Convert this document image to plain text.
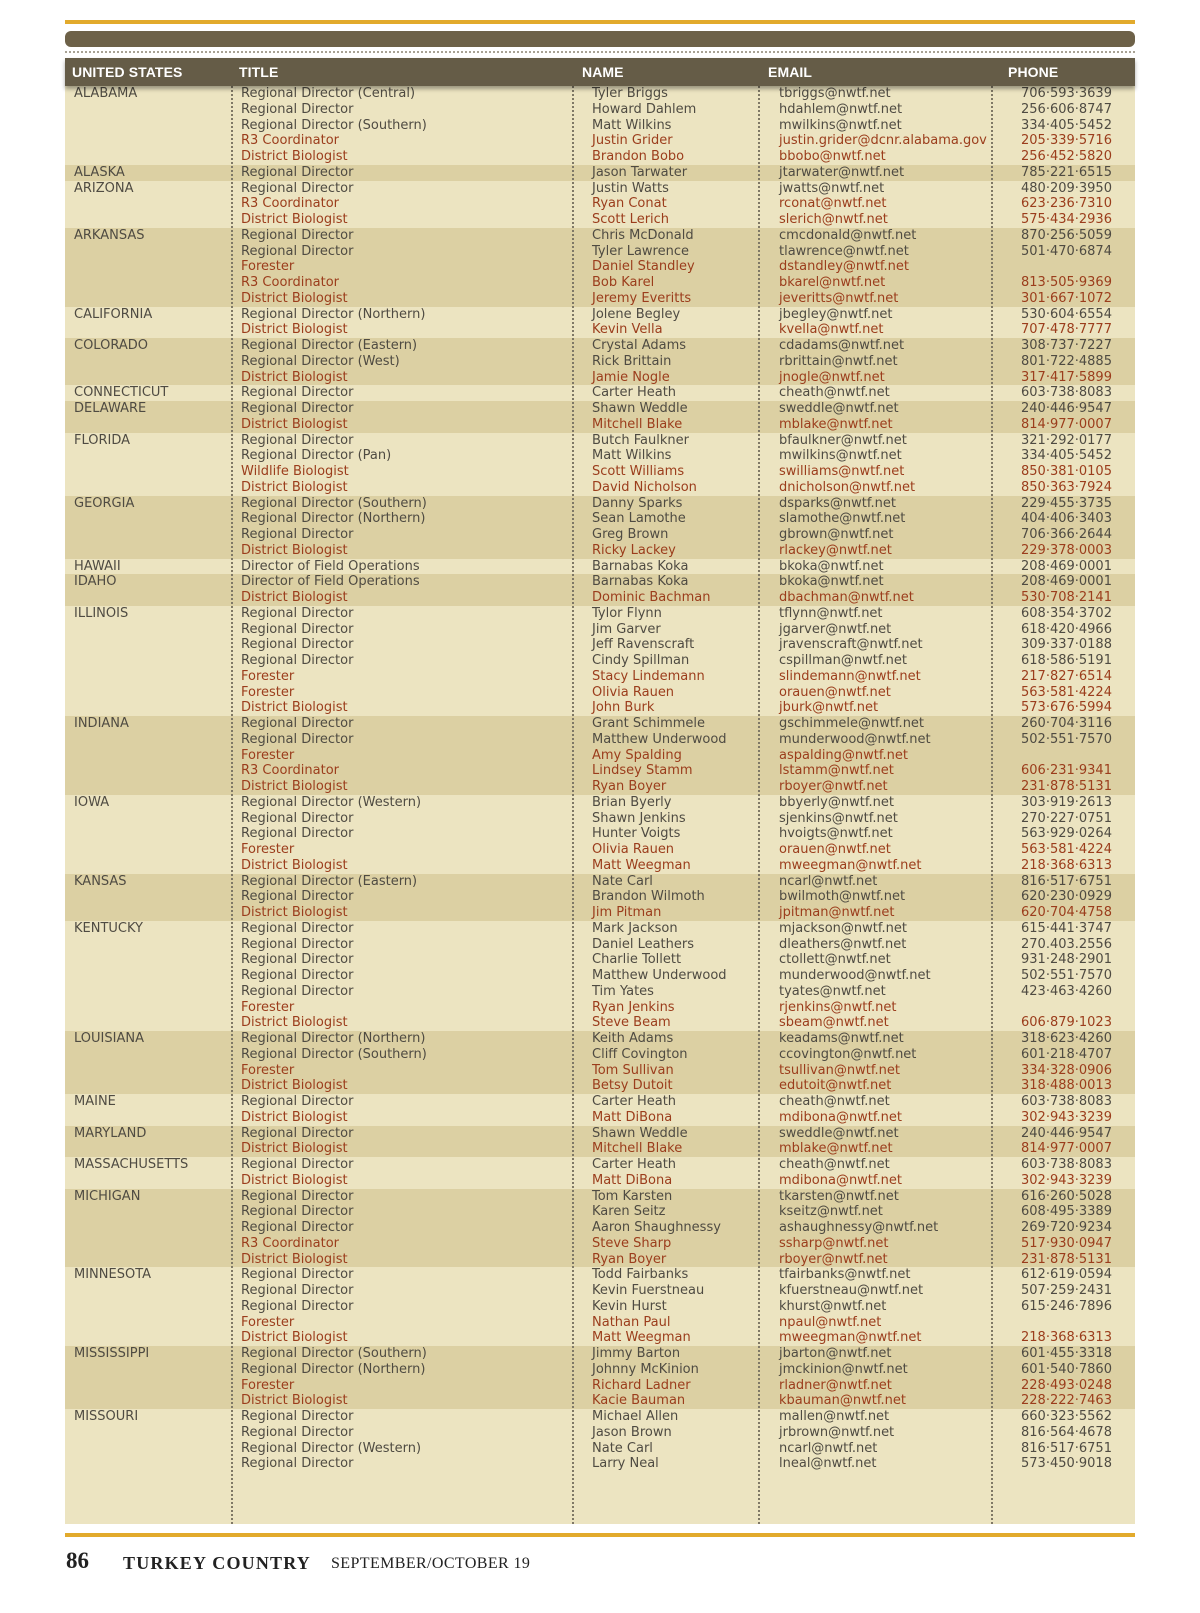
UNITED STATES	TITLE	NAME	EMAIL	PHONE
ALABAMA	Regional Director (Central)	Tyler Briggs	tbriggs@nwtf.net	706·593·3639
Regional Director	Howard Dahlem	hdahlem@nwtf.net	256·606·8747
Regional Director (Southern)	Matt Wilkins	mwilkins@nwtf.net	334·405·5452
R3 Coordinator	Justin Grider	justin.grider@dcnr.alabama.gov	205·339·5716
District Biologist	Brandon Bobo	bbobo@nwtf.net	256·452·5820
ALASKA	Regional Director	Jason Tarwater	jtarwater@nwtf.net	785·221·6515
ARIZONA	Regional Director	Justin Watts	jwatts@nwtf.net	480·209·3950
R3 Coordinator	Ryan Conat	rconat@nwtf.net	623·236·7310
District Biologist	Scott Lerich	slerich@nwtf.net	575·434·2936
ARKANSAS	Regional Director	Chris McDonald	cmcdonald@nwtf.net	870·256·5059
Regional Director	Tyler Lawrence	tlawrence@nwtf.net	501·470·6874
Forester	Daniel Standley	dstandley@nwtf.net
R3 Coordinator	Bob Karel	bkarel@nwtf.net	813·505·9369
District Biologist	Jeremy Everitts	jeveritts@nwtf.net	301·667·1072
CALIFORNIA	Regional Director (Northern)	Jolene Begley	jbegley@nwtf.net	530·604·6554
District Biologist	Kevin Vella	kvella@nwtf.net	707·478·7777
COLORADO	Regional Director (Eastern)	Crystal Adams	cdadams@nwtf.net	308·737·7227
Regional Director (West)	Rick Brittain	rbrittain@nwtf.net	801·722·4885
District Biologist	Jamie Nogle	jnogle@nwtf.net	317·417·5899
CONNECTICUT	Regional Director	Carter Heath	cheath@nwtf.net	603·738·8083
DELAWARE	Regional Director	Shawn Weddle	sweddle@nwtf.net	240·446·9547
District Biologist	Mitchell Blake	mblake@nwtf.net	814·977·0007
FLORIDA	Regional Director	Butch Faulkner	bfaulkner@nwtf.net	321·292·0177
Regional Director (Pan)	Matt Wilkins	mwilkins@nwtf.net	334·405·5452
Wildlife Biologist	Scott Williams	swilliams@nwtf.net	850·381·0105
District Biologist	David Nicholson	dnicholson@nwtf.net	850·363·7924
GEORGIA	Regional Director (Southern)	Danny Sparks	dsparks@nwtf.net	229·455·3735
Regional Director (Northern)	Sean Lamothe	slamothe@nwtf.net	404·406·3403
Regional Director	Greg Brown	gbrown@nwtf.net	706·366·2644
District Biologist	Ricky Lackey	rlackey@nwtf.net	229·378·0003
HAWAII	Director of Field Operations	Barnabas Koka	bkoka@nwtf.net	208·469·0001
IDAHO	Director of Field Operations	Barnabas Koka	bkoka@nwtf.net	208·469·0001
District Biologist	Dominic Bachman	dbachman@nwtf.net	530·708·2141
ILLINOIS	Regional Director	Tylor Flynn	tflynn@nwtf.net	608·354·3702
Regional Director	Jim Garver	jgarver@nwtf.net	618·420·4966
Regional Director	Jeff Ravenscraft	jravenscraft@nwtf.net	309·337·0188
Regional Director	Cindy Spillman	cspillman@nwtf.net	618·586·5191
Forester	Stacy Lindemann	slindemann@nwtf.net	217·827·6514
Forester	Olivia Rauen	orauen@nwtf.net	563·581·4224
District Biologist	John Burk	jburk@nwtf.net	573·676·5994
INDIANA	Regional Director	Grant Schimmele	gschimmele@nwtf.net	260·704·3116
Regional Director	Matthew Underwood	munderwood@nwtf.net	502·551·7570
Forester	Amy Spalding	aspalding@nwtf.net
R3 Coordinator	Lindsey Stamm	lstamm@nwtf.net	606·231·9341
District Biologist	Ryan Boyer	rboyer@nwtf.net	231·878·5131
IOWA	Regional Director (Western)	Brian Byerly	bbyerly@nwtf.net	303·919·2613
Regional Director	Shawn Jenkins	sjenkins@nwtf.net	270·227·0751
Regional Director	Hunter Voigts	hvoigts@nwtf.net	563·929·0264
Forester	Olivia Rauen	orauen@nwtf.net	563·581·4224
District Biologist	Matt Weegman	mweegman@nwtf.net	218·368·6313
KANSAS	Regional Director (Eastern)	Nate Carl	ncarl@nwtf.net	816·517·6751
Regional Director	Brandon Wilmoth	bwilmoth@nwtf.net	620·230·0929
District Biologist	Jim Pitman	jpitman@nwtf.net	620·704·4758
KENTUCKY	Regional Director	Mark Jackson	mjackson@nwtf.net	615·441·3747
Regional Director	Daniel Leathers	dleathers@nwtf.net	270.403.2556
Regional Director	Charlie Tollett	ctollett@nwtf.net	931·248·2901
Regional Director	Matthew Underwood	munderwood@nwtf.net	502·551·7570
Regional Director	Tim Yates	tyates@nwtf.net	423·463·4260
Forester	Ryan Jenkins	rjenkins@nwtf.net
District Biologist	Steve Beam	sbeam@nwtf.net	606·879·1023
LOUISIANA	Regional Director (Northern)	Keith Adams	keadams@nwtf.net	318·623·4260
Regional Director (Southern)	Cliff Covington	ccovington@nwtf.net	601·218·4707
Forester	Tom Sullivan	tsullivan@nwtf.net	334·328·0906
District Biologist	Betsy Dutoit	edutoit@nwtf.net	318·488·0013
MAINE	Regional Director	Carter Heath	cheath@nwtf.net	603·738·8083
District Biologist	Matt DiBona	mdibona@nwtf.net	302·943·3239
MARYLAND	Regional Director	Shawn Weddle	sweddle@nwtf.net	240·446·9547
District Biologist	Mitchell Blake	mblake@nwtf.net	814·977·0007
MASSACHUSETTS	Regional Director	Carter Heath	cheath@nwtf.net	603·738·8083
District Biologist	Matt DiBona	mdibona@nwtf.net	302·943·3239
MICHIGAN	Regional Director	Tom Karsten	tkarsten@nwtf.net	616·260·5028
Regional Director	Karen Seitz	kseitz@nwtf.net	608·495·3389
Regional Director	Aaron Shaughnessy	ashaughnessy@nwtf.net	269·720·9234
R3 Coordinator	Steve Sharp	ssharp@nwtf.net	517·930·0947
District Biologist	Ryan Boyer	rboyer@nwtf.net	231·878·5131
MINNESOTA	Regional Director	Todd Fairbanks	tfairbanks@nwtf.net	612·619·0594
Regional Director	Kevin Fuerstneau	kfuerstneau@nwtf.net	507·259·2431
Regional Director	Kevin Hurst	khurst@nwtf.net	615·246·7896
Forester	Nathan Paul	npaul@nwtf.net
District Biologist	Matt Weegman	mweegman@nwtf.net	218·368·6313
MISSISSIPPI	Regional Director (Southern)	Jimmy Barton	jbarton@nwtf.net	601·455·3318
Regional Director (Northern)	Johnny McKinion	jmckinion@nwtf.net	601·540·7860
Forester	Richard Ladner	rladner@nwtf.net	228·493·0248
District Biologist	Kacie Bauman	kbauman@nwtf.net	228·222·7463
MISSOURI	Regional Director	Michael Allen	mallen@nwtf.net	660·323·5562
Regional Director	Jason Brown	jrbrown@nwtf.net	816·564·4678
Regional Director (Western)	Nate Carl	ncarl@nwtf.net	816·517·6751
Regional Director	Larry Neal	lneal@nwtf.net	573·450·9018
86 TURKEY COUNTRY SEPTEMBER/OCTOBER 19
